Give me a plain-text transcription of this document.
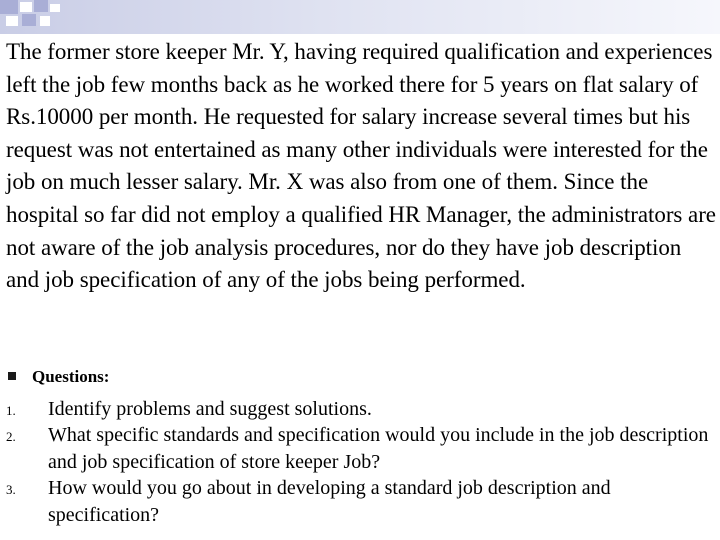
The former store keeper Mr. Y, having required qualification and experiences left the job few months back as he worked there for 5 years on flat salary of Rs.10000 per month. He requested for salary increase several times but his request was not entertained as many other individuals were interested for the job on much lesser salary. Mr. X was also from one of them. Since the hospital so far did not employ a qualified HR Manager, the administrators are not aware of the job analysis procedures, nor do they have job description and job specification of any of the jobs being performed.

Questions:
1. Identify problems and suggest solutions.
2. What specific standards and specification would you include in the job description and job specification of store keeper Job?
3. How would you go about in developing a standard job description and specification?
